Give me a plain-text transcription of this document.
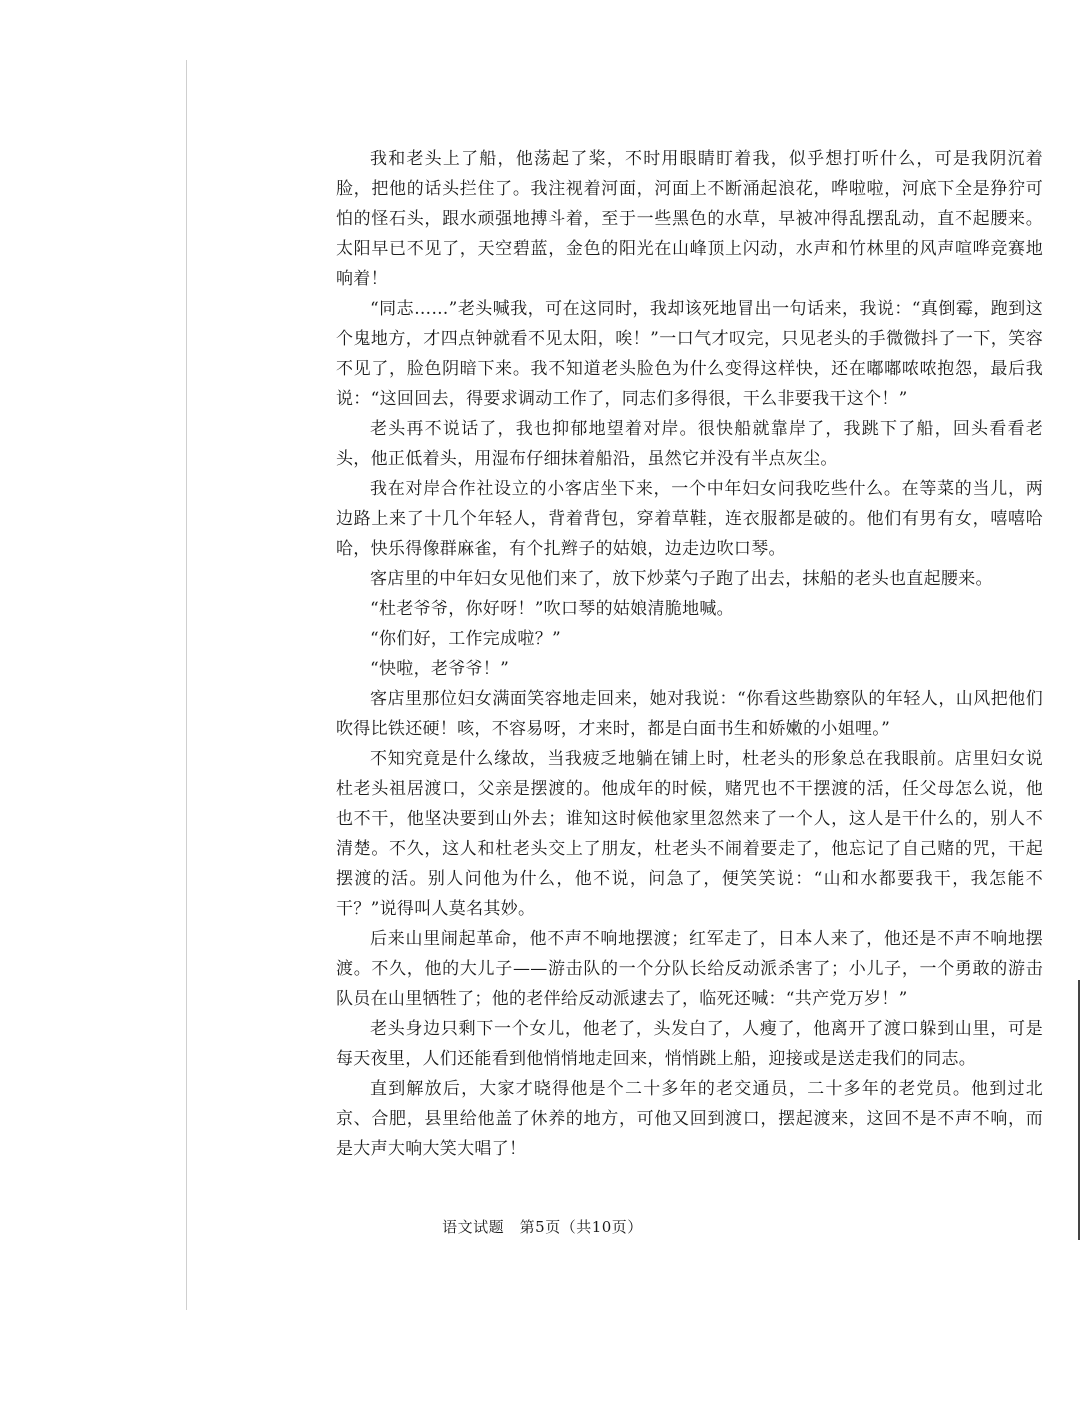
我和老头上了船，他荡起了桨，不时用眼睛盯着我，似乎想打听什么，可是我阴沉着脸，把他的话头拦住了。我注视着河面，河面上不断涌起浪花，哗啦啦，河底下全是狰狞可怕的怪石头，跟水顽强地搏斗着，至于一些黑色的水草，早被冲得乱摆乱动，直不起腰来。太阳早已不见了，天空碧蓝，金色的阳光在山峰顶上闪动，水声和竹林里的风声喧哗竞赛地响着！

“同志……”老头喊我，可在这同时，我却该死地冒出一句话来，我说：“真倒霉，跑到这个鬼地方，才四点钟就看不见太阳，唉！”一口气才叹完，只见老头的手微微抖了一下，笑容不见了，脸色阴暗下来。我不知道老头脸色为什么变得这样快，还在嘟嘟哝哝抱怨，最后我说：“这回回去，得要求调动工作了，同志们多得很，干么非要我干这个！”

老头再不说话了，我也抑郁地望着对岸。很快船就靠岸了，我跳下了船，回头看看老头，他正低着头，用湿布仔细抹着船沿，虽然它并没有半点灰尘。

我在对岸合作社设立的小客店坐下来，一个中年妇女问我吃些什么。在等菜的当儿，两边路上来了十几个年轻人，背着背包，穿着草鞋，连衣服都是破的。他们有男有女，嘻嘻哈哈，快乐得像群麻雀，有个扎辫子的姑娘，边走边吹口琴。

客店里的中年妇女见他们来了，放下炒菜勺子跑了出去，抹船的老头也直起腰来。

“杜老爷爷，你好呀！”吹口琴的姑娘清脆地喊。

“你们好，工作完成啦？”

“快啦，老爷爷！”

客店里那位妇女满面笑容地走回来，她对我说：“你看这些勘察队的年轻人，山风把他们吹得比铁还硬！咳，不容易呀，才来时，都是白面书生和娇嫩的小姐哩。”

不知究竟是什么缘故，当我疲乏地躺在铺上时，杜老头的形象总在我眼前。店里妇女说杜老头祖居渡口，父亲是摆渡的。他成年的时候，赌咒也不干摆渡的活，任父母怎么说，他也不干，他坚决要到山外去；谁知这时候他家里忽然来了一个人，这人是干什么的，别人不清楚。不久，这人和杜老头交上了朋友，杜老头不闹着要走了，他忘记了自己赌的咒，干起摆渡的活。别人问他为什么，他不说，问急了，便笑笑说：“山和水都要我干，我怎能不干？”说得叫人莫名其妙。

后来山里闹起革命，他不声不响地摆渡；红军走了，日本人来了，他还是不声不响地摆渡。不久，他的大儿子——游击队的一个分队长给反动派杀害了；小儿子，一个勇敢的游击队员在山里牺牲了；他的老伴给反动派逮去了，临死还喊：“共产党万岁！”

老头身边只剩下一个女儿，他老了，头发白了，人瘦了，他离开了渡口躲到山里，可是每天夜里，人们还能看到他悄悄地走回来，悄悄跳上船，迎接或是送走我们的同志。

直到解放后，大家才晓得他是个二十多年的老交通员，二十多年的老党员。他到过北京、合肥，县里给他盖了休养的地方，可他又回到渡口，摆起渡来，这回不是不声不响，而是大声大响大笑大唱了！

语文试题　第5页（共10页）
